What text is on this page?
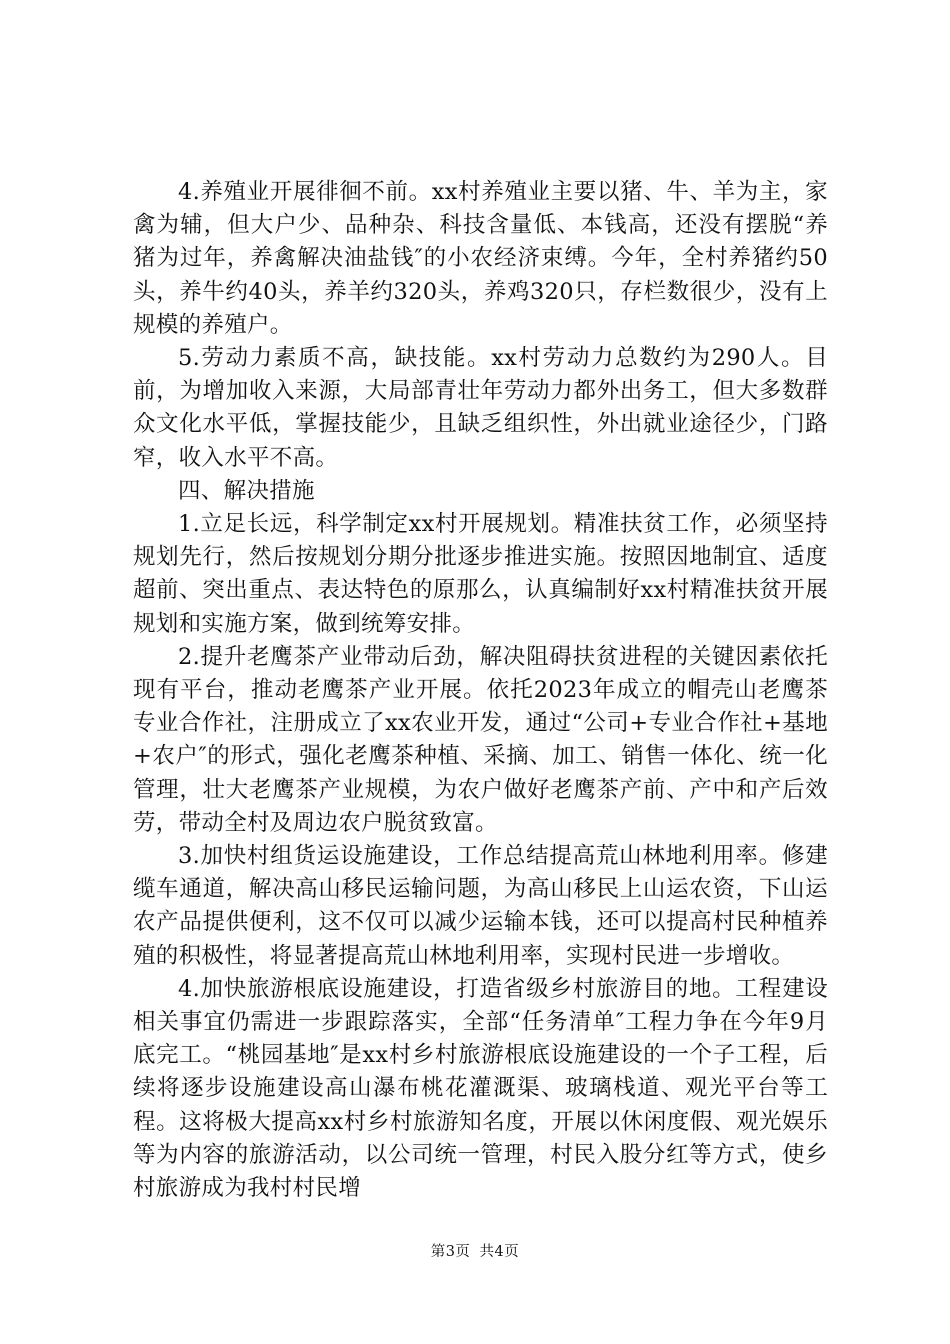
4.养殖业开展徘徊不前。xx村养殖业主要以猪、牛、羊为主，家禽为辅，但大户少、品种杂、科技含量低、本钱高，还没有摆脱“养猪为过年，养禽解决油盐钱″的小农经济束缚。今年，全村养猪约50头，养牛约40头，养羊约320头，养鸡320只，存栏数很少，没有上规模的养殖户。

5.劳动力素质不高，缺技能。xx村劳动力总数约为290人。目前，为增加收入来源，大局部青壮年劳动力都外出务工，但大多数群众文化水平低，掌握技能少，且缺乏组织性，外出就业途径少，门路窄，收入水平不高。

四、解决措施

1.立足长远，科学制定xx村开展规划。精准扶贫工作，必须坚持规划先行，然后按规划分期分批逐步推进实施。按照因地制宜、适度超前、突出重点、表达特色的原那么，认真编制好xx村精准扶贫开展规划和实施方案，做到统筹安排。

2.提升老鹰茶产业带动后劲，解决阻碍扶贫进程的关键因素依托现有平台，推动老鹰茶产业开展。依托2023年成立的帽壳山老鹰茶专业合作社，注册成立了xx农业开发，通过“公司+专业合作社+基地+农户″的形式，强化老鹰茶种植、采摘、加工、销售一体化、统一化管理，壮大老鹰茶产业规模，为农户做好老鹰茶产前、产中和产后效劳，带动全村及周边农户脱贫致富。

3.加快村组货运设施建设，工作总结提高荒山林地利用率。修建缆车通道，解决高山移民运输问题，为高山移民上山运农资，下山运农产品提供便利，这不仅可以减少运输本钱，还可以提高村民种植养殖的积极性，将显著提高荒山林地利用率，实现村民进一步增收。

4.加快旅游根底设施建设，打造省级乡村旅游目的地。工程建设相关事宜仍需进一步跟踪落实，全部“任务清单″工程力争在今年9月底完工。“桃园基地″是xx村乡村旅游根底设施建设的一个子工程，后续将逐步设施建设高山瀑布桃花灌溉渠、玻璃栈道、观光平台等工程。这将极大提高xx村乡村旅游知名度，开展以休闲度假、观光娱乐等为内容的旅游活动，以公司统一管理，村民入股分红等方式，使乡村旅游成为我村村民增

第3页 共4页
